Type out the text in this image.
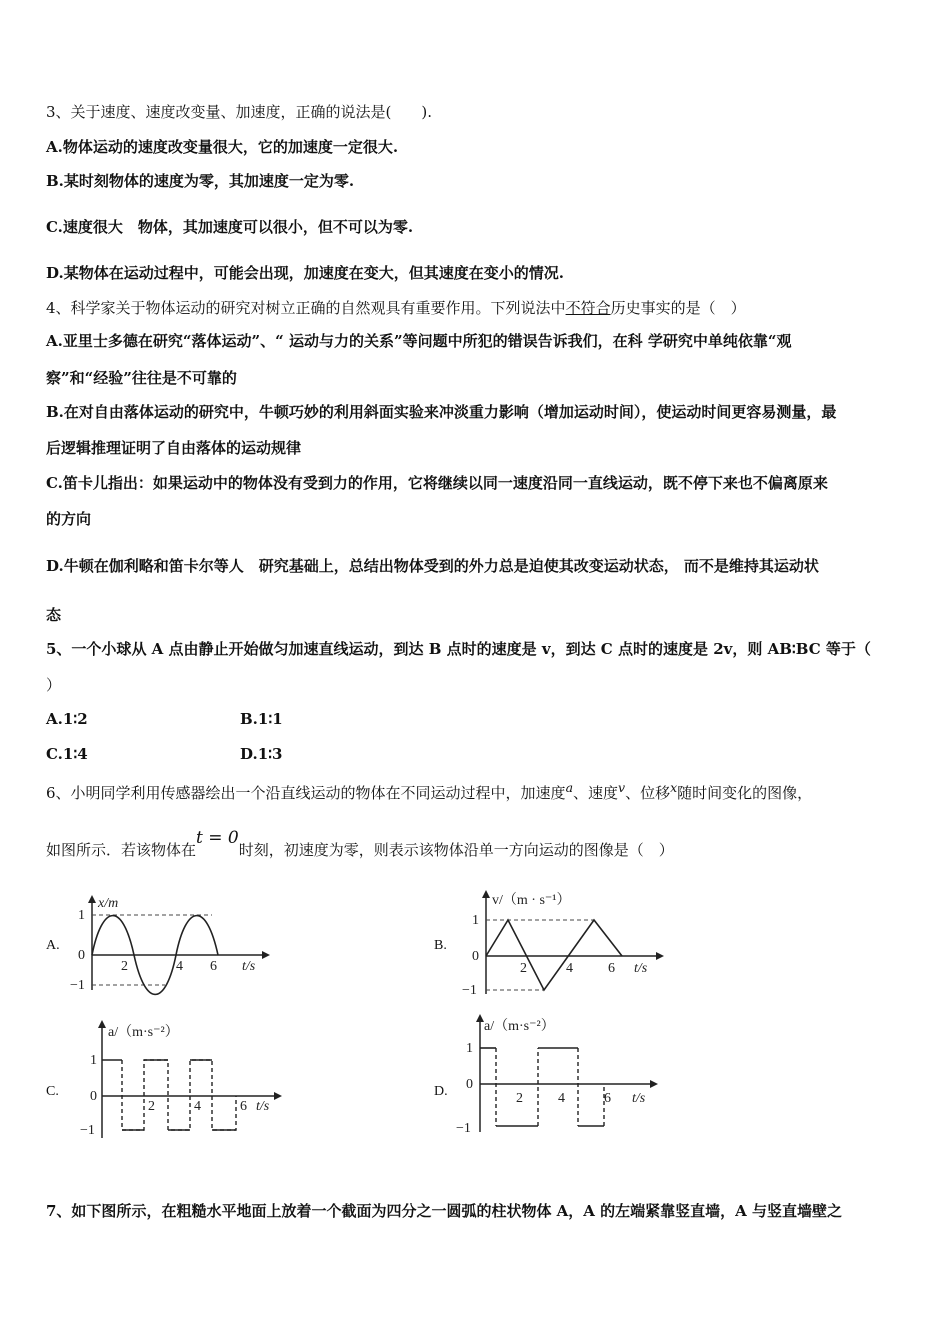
3、关于速度、速度改变量、加速度，正确的说法是(　　).
A.物体运动的速度改变量很大，它的加速度一定很大.
B.某时刻物体的速度为零，其加速度一定为零.
C.速度很大　物体，其加速度可以很小，但不可以为零.
D.某物体在运动过程中，可能会出现，加速度在变大，但其速度在变小的情况.
4、科学家关于物体运动的研究对树立正确的自然观具有重要作用。下列说法中不符合历史事实的是（　）
A.亚里士多德在研究“落体运动”、“ 运动与力的关系”等问题中所犯的错误告诉我们，在科 学研究中单纯依靠“观
察”和“经验”往往是不可靠的
B.在对自由落体运动的研究中，牛顿巧妙的利用斜面实验来冲淡重力影响（增加运动时间），使运动时间更容易测量，最
后逻辑推理证明了自由落体的运动规律
C.笛卡儿指出：如果运动中的物体没有受到力的作用，它将继续以同一速度沿同一直线运动，既不停下来也不偏离原来
的方向
D.牛顿在伽利略和笛卡尔等人　研究基础上，总结出物体受到的外力总是迫使其改变运动状态， 而不是维持其运动状
态
5、一个小球从 A 点由静止开始做匀加速直线运动，到达 B 点时的速度是 v，到达 C 点时的速度是 2v，则 AB∶BC 等于（
）
A.1∶2	B.1∶1
C.1∶4	D.1∶3
6、小明同学利用传感器绘出一个沿直线运动的物体在不同运动过程中，加速度$^a$、速度$^v$、位移$^x$随时间变化的图像，
如图所示．若该物体在t = 0时刻，初速度为零，则表示该物体沿单一方向运动的图像是（　）
A.
x/m
1
0
−1
2	4 6 t/s
B.
v/（m · s⁻¹）
1
0
−1
2	4	6 t/s
C.
a/（m·s⁻²）
1
0
−1
2	4	6 t/s
D.
a/（m·s⁻²）
1
0
−1
2	4	6 t/s
7、如下图所示，在粗糙水平地面上放着一个截面为四分之一圆弧的柱状物体 A，A 的左端紧靠竖直墙，A 与竖直墙壁之
